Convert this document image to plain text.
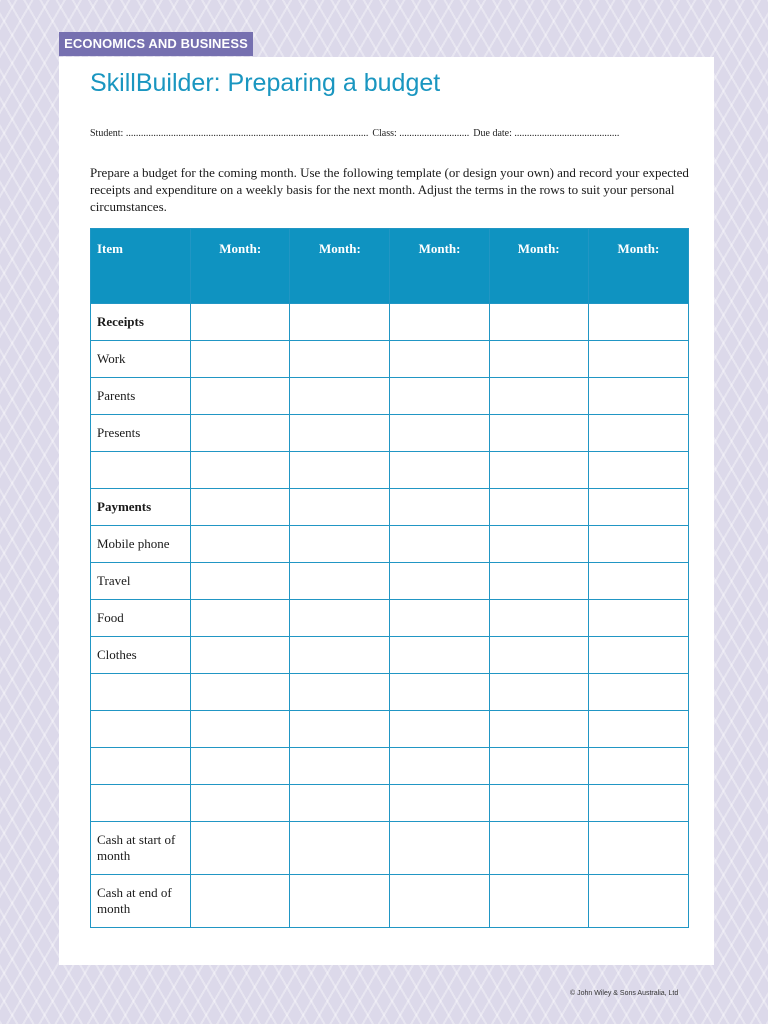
ECONOMICS AND BUSINESS
SkillBuilder: Preparing a budget
Student: ................................................................................................. Class: ............................ Due date: ..........................................

Prepare a budget for the coming month. Use the following template (or design your own) and record your expected receipts and expenditure on a weekly basis for the next month. Adjust the terms in the rows to suit your personal circumstances.

Item	Month:	Month:	Month:	Month:	Month:
Receipts					
Work					
Parents					
Presents					

Payments					
Mobile phone					
Travel					
Food					
Clothes					

Cash at start of month					
Cash at end of month					
© John Wiley & Sons Australia, Ltd
